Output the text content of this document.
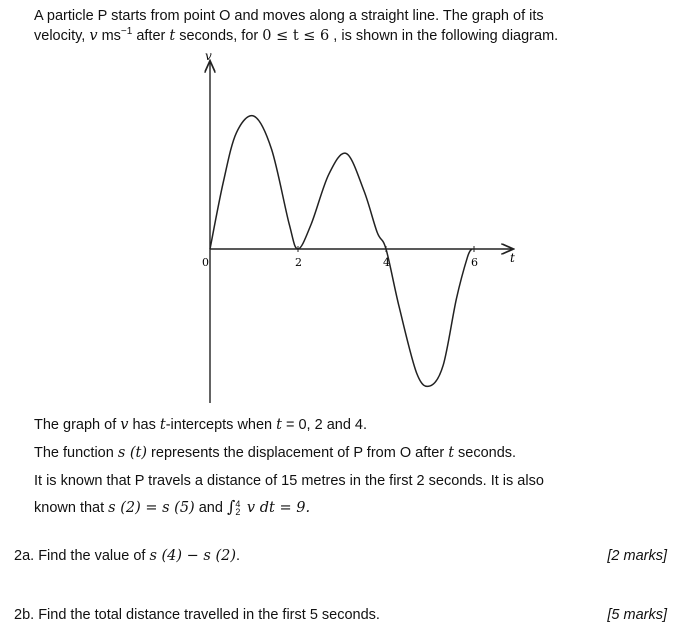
A particle P starts from point O and moves along a straight line. The graph of its
velocity, v $ms^{-1}$ after t seconds, for 0 ≤ t ≤ 6 , is shown in the following diagram.
v
t
0	2	4	6
The graph of v has t-intercepts when t = 0, 2 and 4.
The function s (t) represents the displacement of P from O after t seconds.
It is known that P travels a distance of 15 metres in the first 2 seconds. It is also
known that s (2) = s (5) and ∫ 4
2 v dt = 9.
2a. Find the value of s (4) − s (2).	[2 marks]
2b. Find the total distance travelled in the first 5 seconds.	[5 marks]
